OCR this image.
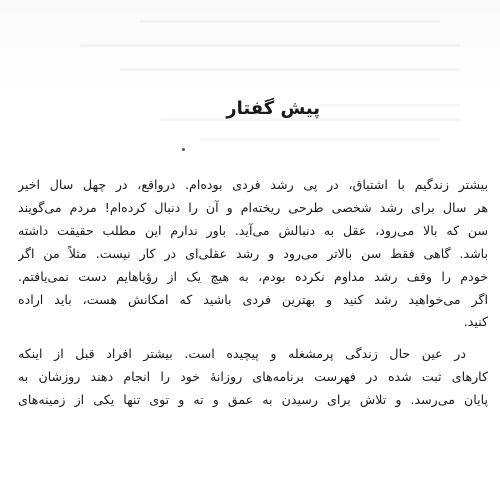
پیش گفتار

بیشتر زندگیم با اشتیاق، در پی رشد فردی بوده‌ام. درواقع، در چهل سال اخیر
هر سال برای رشد شخصی طرحی ریخته‌ام و آن را دنبال کرده‌ام! مردم می‌گویند
سن که بالا می‌رود، عقل به دنبالش می‌آید. باور ندارم این مطلب حقیقت داشته
باشد. گاهی فقط سن بالاتر می‌رود و رشد عقلی‌ای در کار نیست. مثلاً من اگر
خودم را وقف رشد مداوم نکرده بودم، به هیچ یک از رؤیاهایم دست نمی‌یافتم.
اگر می‌خواهید رشد کنید و بهترین فردی باشید که امکانش هست، باید اراده
کنید.

در عین حال زندگی پرمشغله و پیچیده است. بیشتر افراد قبل از اینکه
کارهای ثبت شده در فهرست برنامه‌های روزانهٔ خود را انجام دهند روزشان به
پایان می‌رسد. و تلاش برای رسیدن به عمق و ته و توی تنها یکی از زمینه‌های
